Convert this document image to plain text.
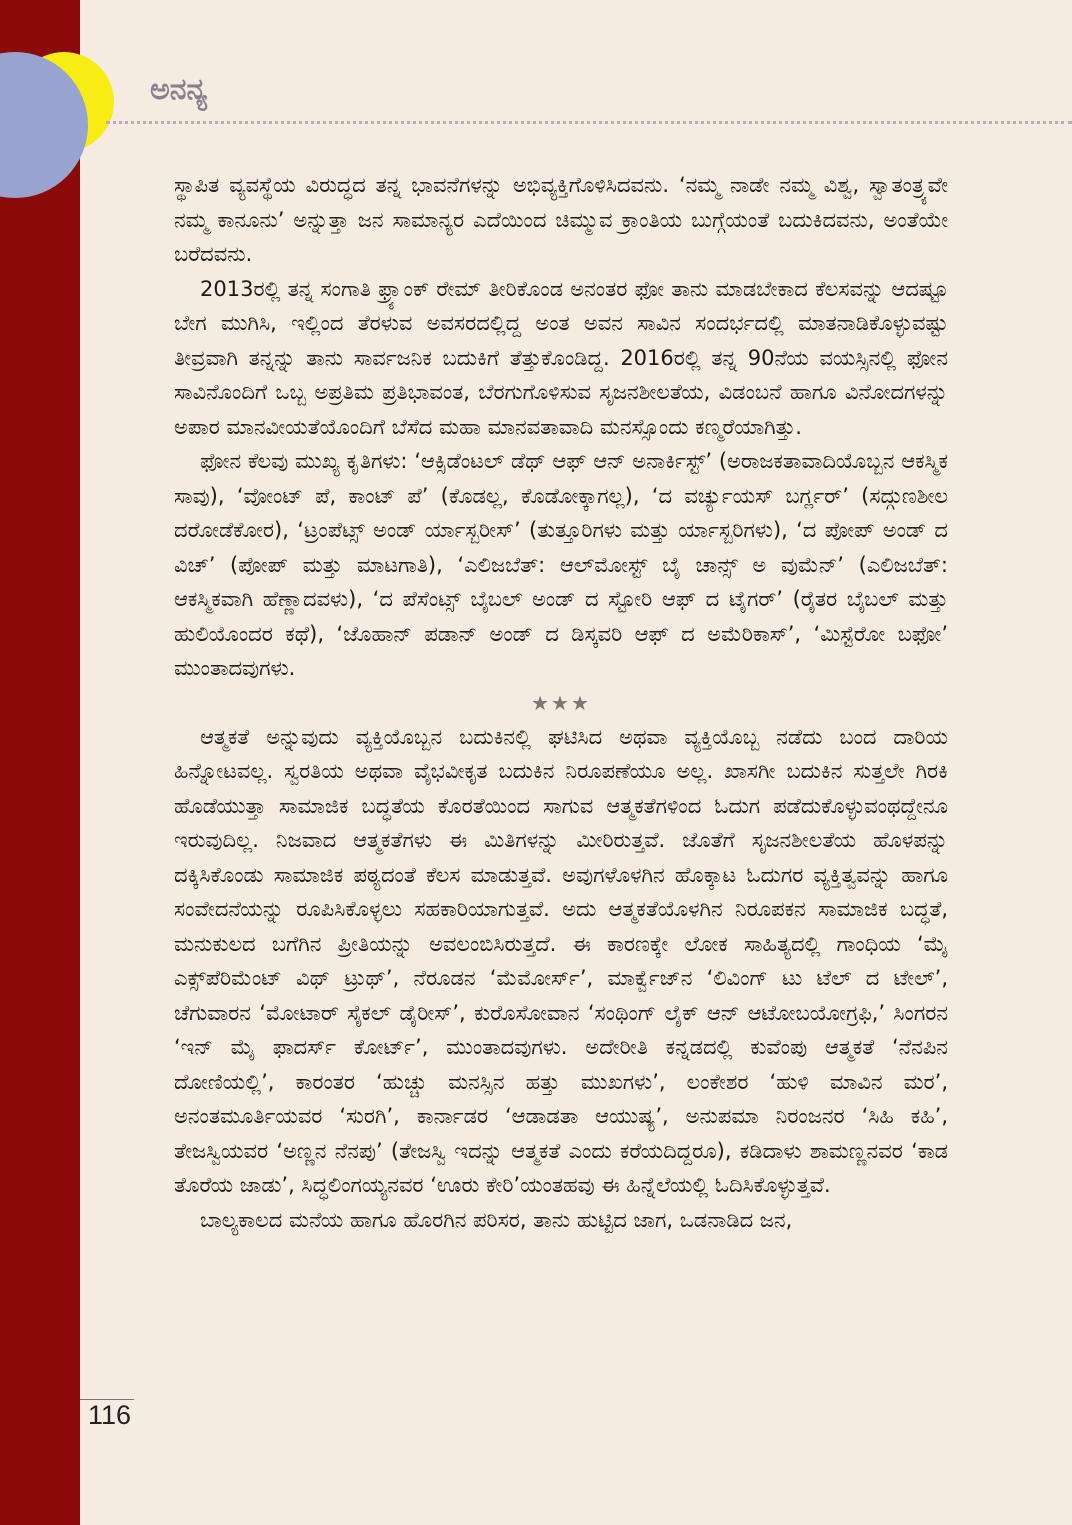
ಅನನ್ಯ

ಸ್ಥಾಪಿತ ವ್ಯವಸ್ಥೆಯ ವಿರುದ್ಧದ ತನ್ನ ಭಾವನೆಗಳನ್ನು ಅಭಿವ್ಯಕ್ತಿಗೊಳಿಸಿದವನು. ‘ನಮ್ಮ ನಾಡೇ ನಮ್ಮ ವಿಶ್ವ, ಸ್ವಾತಂತ್ರ್ಯವೇ ನಮ್ಮ ಕಾನೂನು’ ಅನ್ನುತ್ತಾ ಜನ ಸಾಮಾನ್ಯರ ಎದೆಯಿಂದ ಚಿಮ್ಮುವ ಕ್ರಾಂತಿಯ ಬುಗ್ಗೆಯಂತೆ ಬದುಕಿದವನು, ಅಂತೆಯೇ ಬರೆದವನು.

2013ರಲ್ಲಿ ತನ್ನ ಸಂಗಾತಿ ಫ್ರ್ಯಾಂಕ್ ರೇಮ್ ತೀರಿಕೊಂಡ ಅನಂತರ ಫೋ ತಾನು ಮಾಡಬೇಕಾದ ಕೆಲಸವನ್ನು ಆದಷ್ಟೂ ಬೇಗ ಮುಗಿಸಿ, ಇಲ್ಲಿಂದ ತೆರಳುವ ಅವಸರದಲ್ಲಿದ್ದ ಅಂತ ಅವನ ಸಾವಿನ ಸಂದರ್ಭದಲ್ಲಿ ಮಾತನಾಡಿಕೊಳ್ಳುವಷ್ಟು ತೀವ್ರವಾಗಿ ತನ್ನನ್ನು ತಾನು ಸಾರ್ವಜನಿಕ ಬದುಕಿಗೆ ತೆತ್ತುಕೊಂಡಿದ್ದ. 2016ರಲ್ಲಿ ತನ್ನ 90ನೆಯ ವಯಸ್ಸಿನಲ್ಲಿ ಫೋನ ಸಾವಿನೊಂದಿಗೆ ಒಬ್ಬ ಅಪ್ರತಿಮ ಪ್ರತಿಭಾವಂತ, ಬೆರಗುಗೊಳಿಸುವ ಸೃಜನಶೀಲತೆಯ, ವಿಡಂಬನೆ ಹಾಗೂ ವಿನೋದಗಳನ್ನು ಅಪಾರ ಮಾನವೀಯತೆಯೊಂದಿಗೆ ಬೆಸೆದ ಮಹಾ ಮಾನವತಾವಾದಿ ಮನಸ್ಸೊಂದು ಕಣ್ಮರೆಯಾಗಿತ್ತು.

ಫೋನ ಕೆಲವು ಮುಖ್ಯ ಕೃತಿಗಳು: ‘ಆಕ್ಸಿಡೆಂಟಲ್ ಡೆಥ್ ಆಫ್ ಆನ್ ಅನಾರ್ಕಿಸ್ಟ್’ (ಅರಾಜಕತಾವಾದಿಯೊಬ್ಬನ ಆಕಸ್ಮಿಕ ಸಾವು), ‘ವೋಂಟ್ ಪೆ, ಕಾಂಟ್ ಪೆ’ (ಕೊಡಲ್ಲ, ಕೊಡೋಕ್ಕಾಗಲ್ಲ), ‘ದ ವರ್ಚ್ಯುಯಸ್ ಬರ್ಗ್ಲರ್’ (ಸದ್ಗುಣಶೀಲ ದರೋಡೆಕೋರ), ‘ಟ್ರಂಪೆಟ್ಸ್ ಅಂಡ್ ರ್ಯಾಸ್ಬರೀಸ್’ (ತುತ್ತೂರಿಗಳು ಮತ್ತು ರ್ಯಾಸ್ಬರಿಗಳು), ‘ದ ಪೋಪ್ ಅಂಡ್ ದ ವಿಚ್’ (ಪೋಪ್ ಮತ್ತು ಮಾಟಗಾತಿ), ‘ಎಲಿಜಬೆತ್: ಆಲ್‌ಮೋಸ್ಟ್ ಬೈ ಚಾನ್ಸ್ ಅ ವುಮೆನ್’ (ಎಲಿಜಬೆತ್: ಆಕಸ್ಮಿಕವಾಗಿ ಹೆಣ್ಣಾದವಳು), ‘ದ ಪೆಸೆಂಟ್ಸ್ ಬೈಬಲ್ ಅಂಡ್ ದ ಸ್ಟೋರಿ ಆಫ್ ದ ಟೈಗರ್’ (ರೈತರ ಬೈಬಲ್ ಮತ್ತು ಹುಲಿಯೊಂದರ ಕಥೆ), ‘ಜೊಹಾನ್ ಪಡಾನ್ ಅಂಡ್ ದ ಡಿಸ್ಕವರಿ ಆಫ್ ದ ಅಮೆರಿಕಾಸ್’, ‘ಮಿಸ್ಟೆರೋ ಬಫೋ’ ಮುಂತಾದವುಗಳು.

★★★

ಆತ್ಮಕತೆ ಅನ್ನುವುದು ವ್ಯಕ್ತಿಯೊಬ್ಬನ ಬದುಕಿನಲ್ಲಿ ಘಟಿಸಿದ ಅಥವಾ ವ್ಯಕ್ತಿಯೊಬ್ಬ ನಡೆದು ಬಂದ ದಾರಿಯ ಹಿನ್ನೋಟವಲ್ಲ. ಸ್ವರತಿಯ ಅಥವಾ ವೈಭವೀಕೃತ ಬದುಕಿನ ನಿರೂಪಣೆಯೂ ಅಲ್ಲ. ಖಾಸಗೀ ಬದುಕಿನ ಸುತ್ತಲೇ ಗಿರಕಿ ಹೊಡೆಯುತ್ತಾ ಸಾಮಾಜಿಕ ಬದ್ಧತೆಯ ಕೊರತೆಯಿಂದ ಸಾಗುವ ಆತ್ಮಕತೆಗಳಿಂದ ಓದುಗ ಪಡೆದುಕೊಳ್ಳುವಂಥದ್ದೇನೂ ಇರುವುದಿಲ್ಲ. ನಿಜವಾದ ಆತ್ಮಕತೆಗಳು ಈ ಮಿತಿಗಳನ್ನು ಮೀರಿರುತ್ತವೆ. ಜೊತೆಗೆ ಸೃಜನಶೀಲತೆಯ ಹೊಳಪನ್ನು ದಕ್ಕಿಸಿಕೊಂಡು ಸಾಮಾಜಿಕ ಪಠ್ಯದಂತೆ ಕೆಲಸ ಮಾಡುತ್ತವೆ. ಅವುಗಳೊಳಗಿನ ಹೊಕ್ಕಾಟ ಓದುಗರ ವ್ಯಕ್ತಿತ್ವವನ್ನು ಹಾಗೂ ಸಂವೇದನೆಯನ್ನು ರೂಪಿಸಿಕೊಳ್ಳಲು ಸಹಕಾರಿಯಾಗುತ್ತವೆ. ಅದು ಆತ್ಮಕತೆಯೊಳಗಿನ ನಿರೂಪಕನ ಸಾಮಾಜಿಕ ಬದ್ಧತೆ, ಮನುಕುಲದ ಬಗೆಗಿನ ಪ್ರೀತಿಯನ್ನು ಅವಲಂಬಿಸಿರುತ್ತದೆ. ಈ ಕಾರಣಕ್ಕೇ ಲೋಕ ಸಾಹಿತ್ಯದಲ್ಲಿ ಗಾಂಧಿಯ ‘ಮೈ ಎಕ್ಸ್‌ಪೆರಿಮೆಂಟ್ ವಿಥ್ ಟ್ರುಥ್’, ನೆರೂಡನ ‘ಮೆಮೋರ್ಸ್’, ಮಾರ್ಕ್ವೆಜ್‌ನ ‘ಲಿವಿಂಗ್ ಟು ಟೆಲ್ ದ ಟೇಲ್’, ಚೆಗುವಾರನ ‘ಮೋಟಾರ್ ಸೈಕಲ್ ಡೈರೀಸ್’, ಕುರೊಸೋವಾನ ‘ಸಂಥಿಂಗ್ ಲೈಕ್ ಆನ್ ಆಟೋಬಯೋಗ್ರಫಿ,’ ಸಿಂಗರನ ‘ಇನ್ ಮೈ ಫಾದರ್ಸ್ ಕೋರ್ಟ್’, ಮುಂತಾದವುಗಳು. ಅದೇರೀತಿ ಕನ್ನಡದಲ್ಲಿ ಕುವೆಂಪು ಆತ್ಮಕತೆ ‘ನೆನಪಿನ ದೋಣಿಯಲ್ಲಿ’, ಕಾರಂತರ ‘ಹುಚ್ಚು ಮನಸ್ಸಿನ ಹತ್ತು ಮುಖಗಳು’, ಲಂಕೇಶರ ‘ಹುಳಿ ಮಾವಿನ ಮರ’, ಅನಂತಮೂರ್ತಿಯವರ ‘ಸುರಗಿ’, ಕಾರ್ನಾಡರ ‘ಆಡಾಡತಾ ಆಯುಷ್ಯ’, ಅನುಪಮಾ ನಿರಂಜನರ ‘ಸಿಹಿ ಕಹಿ’, ತೇಜಸ್ವಿಯವರ ‘ಅಣ್ಣನ ನೆನಪು’ (ತೇಜಸ್ವಿ ಇದನ್ನು ಆತ್ಮಕತೆ ಎಂದು ಕರೆಯದಿದ್ದರೂ), ಕಡಿದಾಳು ಶಾಮಣ್ಣನವರ ‘ಕಾಡ ತೊರೆಯ ಜಾಡು’, ಸಿದ್ಧಲಿಂಗಯ್ಯನವರ ‘ಊರು ಕೇರಿ’ಯಂತಹವು ಈ ಹಿನ್ನೆಲೆಯಲ್ಲಿ ಓದಿಸಿಕೊಳ್ಳುತ್ತವೆ.

ಬಾಲ್ಯಕಾಲದ ಮನೆಯ ಹಾಗೂ ಹೊರಗಿನ ಪರಿಸರ, ತಾನು ಹುಟ್ಟಿದ ಜಾಗ, ಒಡನಾಡಿದ ಜನ,

116
